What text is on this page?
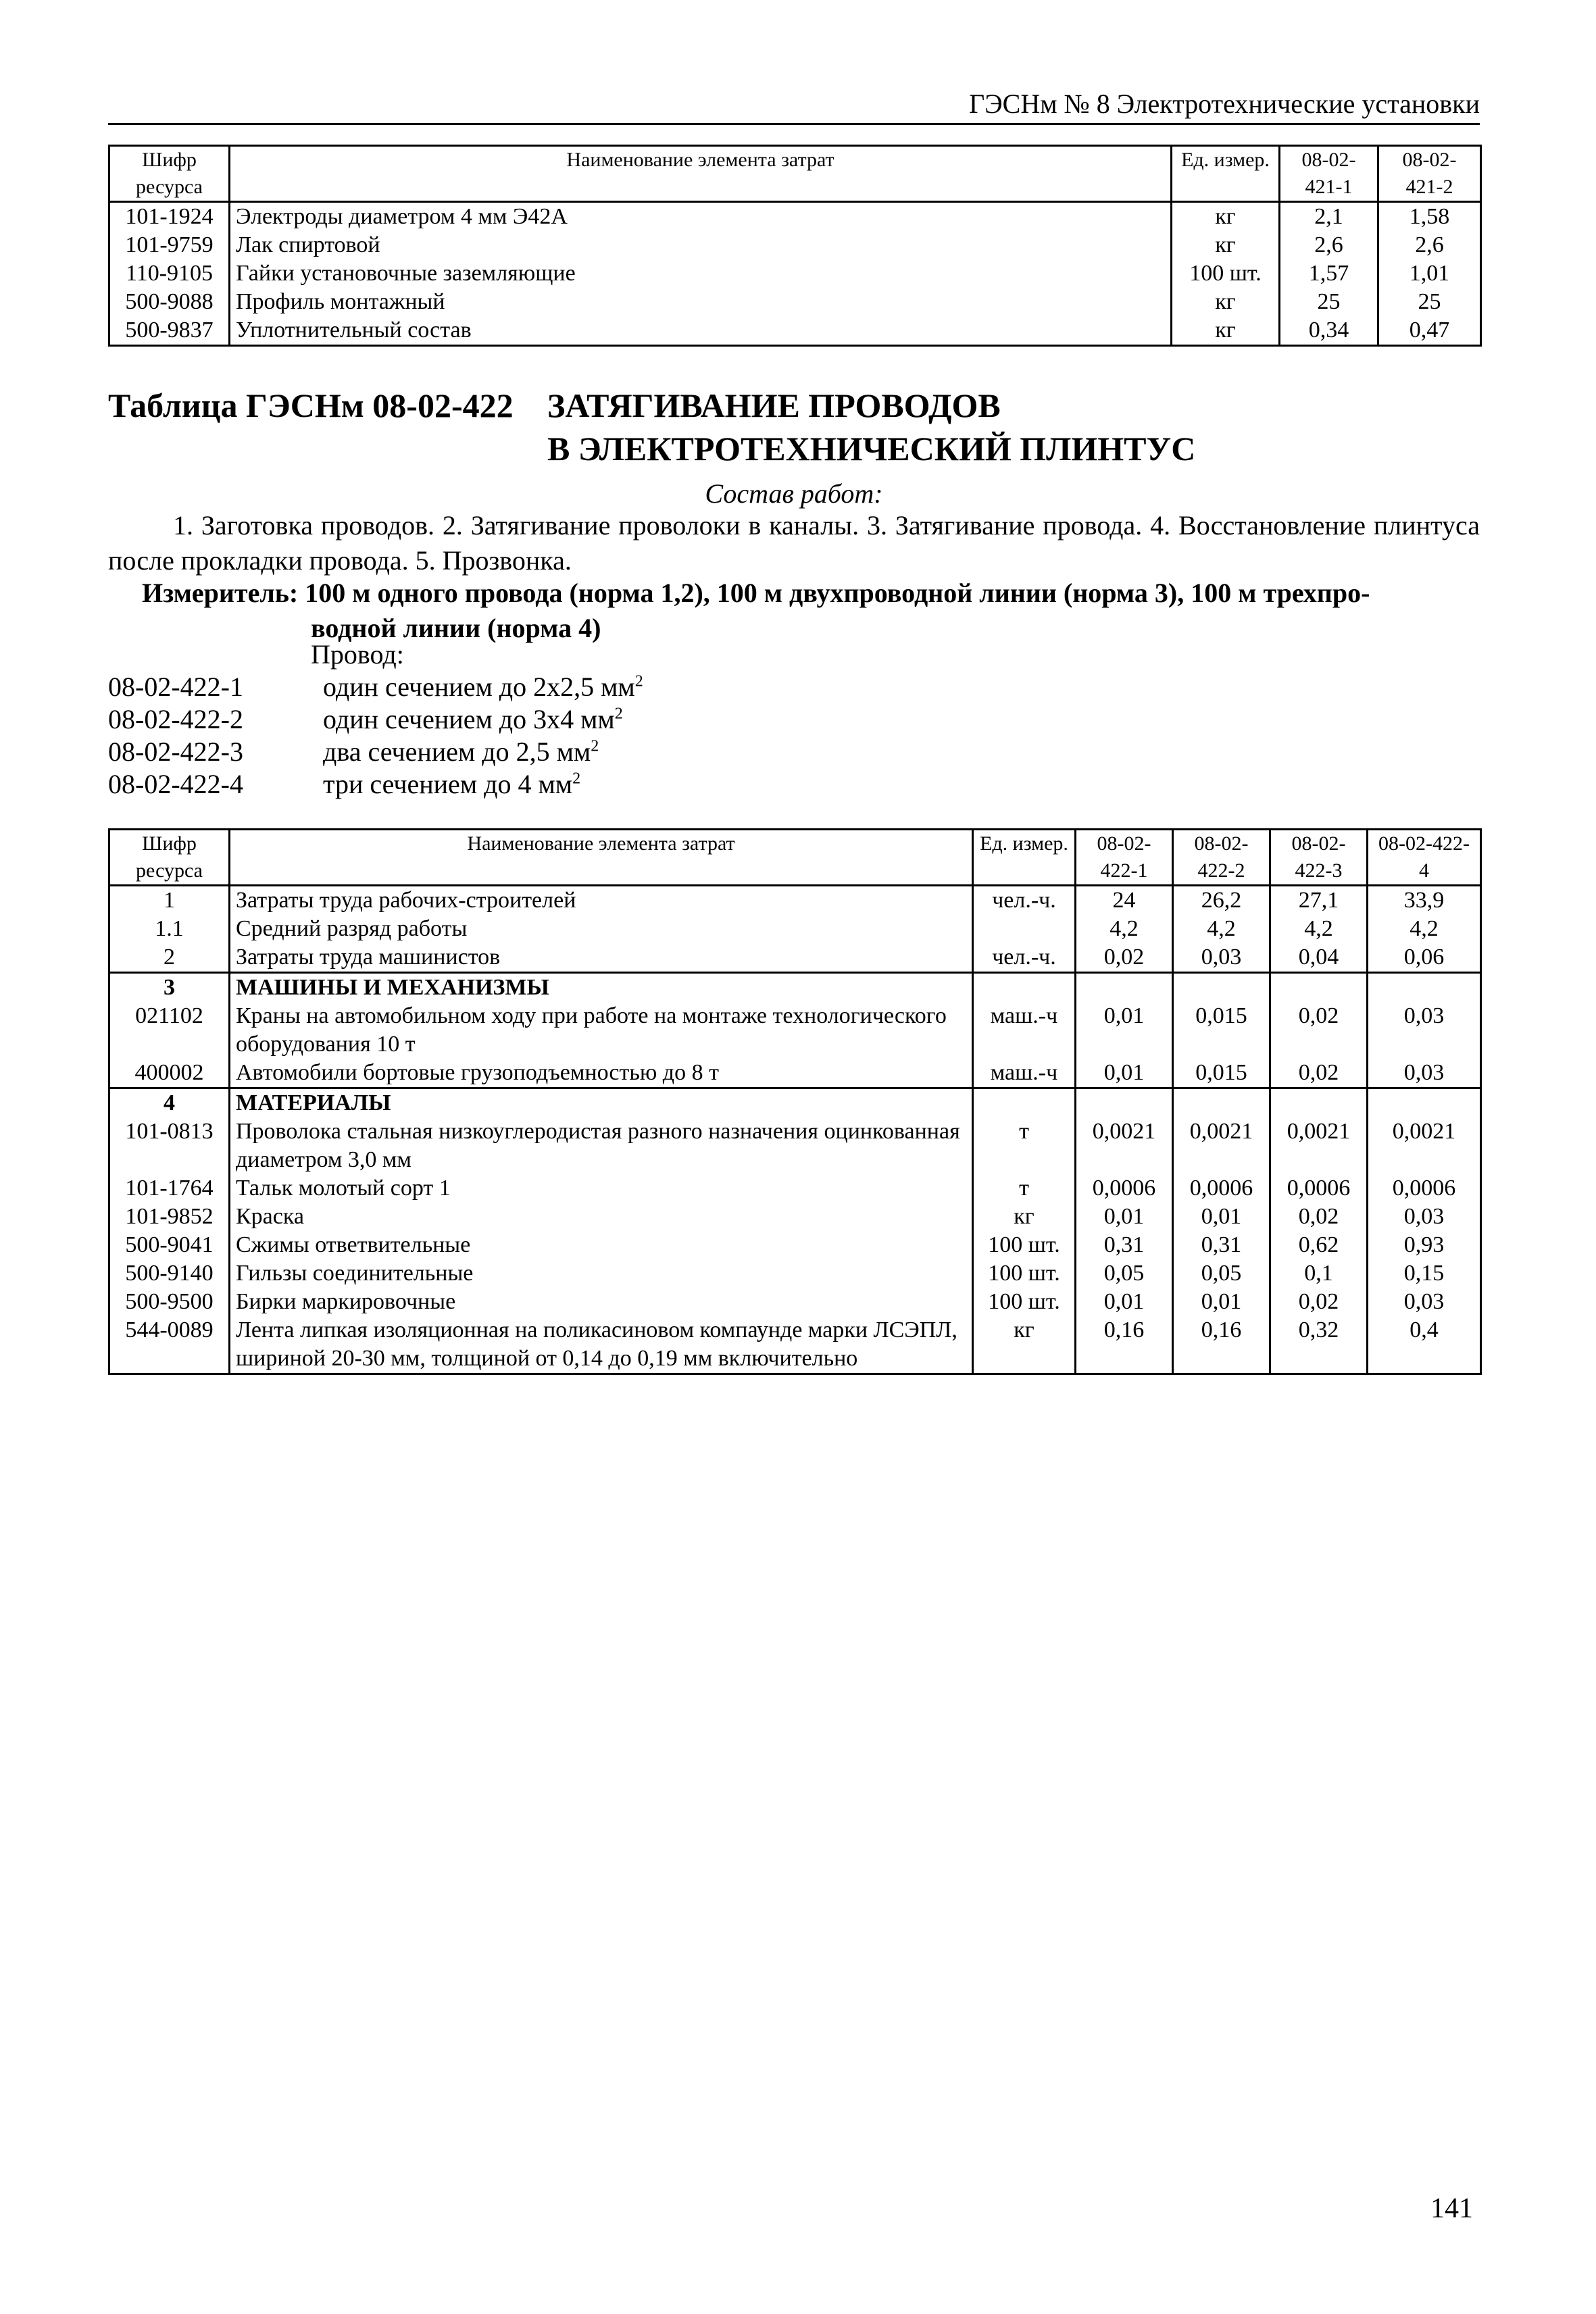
ГЭСНм № 8 Электротехнические установки
Шифр ресурса	Наименование элемента затрат	Ед. измер.	08-02-421-1	08-02-421-2
101-1924	Электроды диаметром 4 мм Э42А	кг	2,1	1,58
101-9759	Лак спиртовой	кг	2,6	2,6
110-9105	Гайки установочные заземляющие	100 шт.	1,57	1,01
500-9088	Профиль монтажный	кг	25	25
500-9837	Уплотнительный состав	кг	0,34	0,47
Таблица ГЭСНм 08-02-422 ЗАТЯГИВАНИЕ ПРОВОДОВ
В ЭЛЕКТРОТЕХНИЧЕСКИЙ ПЛИНТУС
Состав работ:
1. Заготовка проводов. 2. Затягивание проволоки в каналы. 3. Затягивание провода. 4. Восстановление плинтуса после прокладки провода. 5. Прозвонка.
Измеритель: 100 м одного провода (норма 1,2), 100 м двухпроводной линии (норма 3), 100 м трехпро-
водной линии (норма 4)
Провод:
08-02-422-1	один сечением до 2х2,5 $мм^2$
08-02-422-2	один сечением до 3х4 $мм^2$
08-02-422-3	два сечением до 2,5 $мм^2$
08-02-422-4	три сечением до 4 $мм^2$
Шифр ресурса	Наименование элемента затрат	Ед. измер.	08-02-422-1	08-02-422-2	08-02-422-3	08-02-422-4
1	Затраты труда рабочих-строителей	чел.-ч.	24	26,2	27,1	33,9
1.1	Средний разряд работы		4,2	4,2	4,2	4,2
2	Затраты труда машинистов	чел.-ч.	0,02	0,03	0,04	0,06
3	МАШИНЫ И МЕХАНИЗМЫ					
021102	Краны на автомобильном ходу при работе на монтаже технологического оборудования 10 т	маш.-ч	0,01	0,015	0,02	0,03
400002	Автомобили бортовые грузоподъемностью до 8 т	маш.-ч	0,01	0,015	0,02	0,03
4	МАТЕРИАЛЫ					
101-0813	Проволока стальная низкоуглеродистая разного назначения оцинкованная диаметром 3,0 мм	т	0,0021	0,0021	0,0021	0,0021
101-1764	Тальк молотый сорт 1	т	0,0006	0,0006	0,0006	0,0006
101-9852	Краска	кг	0,01	0,01	0,02	0,03
500-9041	Сжимы ответвительные	100 шт.	0,31	0,31	0,62	0,93
500-9140	Гильзы соединительные	100 шт.	0,05	0,05	0,1	0,15
500-9500	Бирки маркировочные	100 шт.	0,01	0,01	0,02	0,03
544-0089	Лента липкая изоляционная на поликасиновом компаунде марки ЛСЭПЛ, шириной 20-30 мм, толщиной от 0,14 до 0,19 мм включительно	кг	0,16	0,16	0,32	0,4
141
